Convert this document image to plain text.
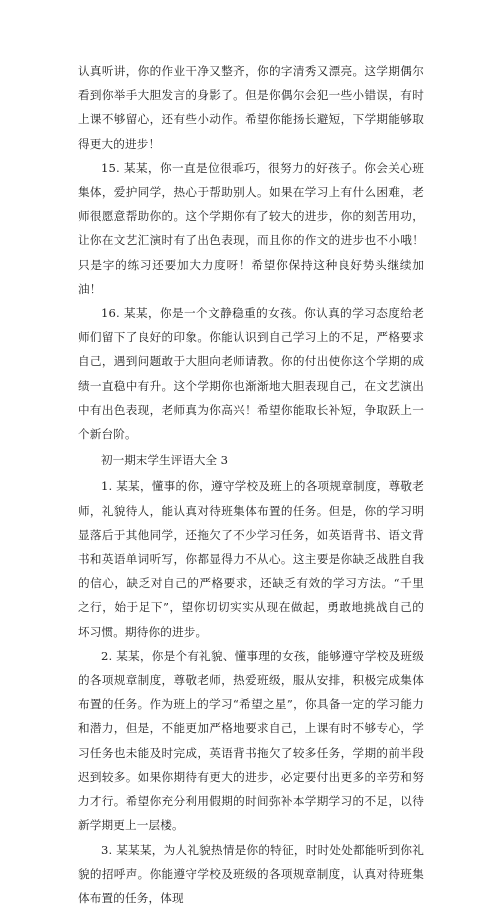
认真听讲，你的作业干净又整齐，你的字清秀又漂亮。这学期偶尔看到你举手大胆发言的身影了。但是你偶尔会犯一些小错误，有时上课不够留心，还有些小动作。希望你能扬长避短，下学期能够取得更大的进步！

15. 某某，你一直是位很乖巧，很努力的好孩子。你会关心班集体，爱护同学，热心于帮助别人。如果在学习上有什么困难，老师很愿意帮助你的。这个学期你有了较大的进步，你的刻苦用功，让你在文艺汇演时有了出色表现，而且你的作文的进步也不小哦！只是字的练习还要加大力度呀！希望你保持这种良好势头继续加油！

16. 某某，你是一个文静稳重的女孩。你认真的学习态度给老师们留下了良好的印象。你能认识到自己学习上的不足，严格要求自己，遇到问题敢于大胆向老师请教。你的付出使你这个学期的成绩一直稳中有升。这个学期你也渐渐地大胆表现自己，在文艺演出中有出色表现，老师真为你高兴！希望你能取长补短，争取跃上一个新台阶。

初一期末学生评语大全 3

1. 某某，懂事的你，遵守学校及班上的各项规章制度，尊敬老师，礼貌待人，能认真对待班集体布置的任务。但是，你的学习明显落后于其他同学，还拖欠了不少学习任务，如英语背书、语文背书和英语单词听写，你都显得力不从心。这主要是你缺乏战胜自我的信心，缺乏对自己的严格要求，还缺乏有效的学习方法。“千里之行，始于足下”，望你切切实实从现在做起，勇敢地挑战自己的坏习惯。期待你的进步。

2. 某某，你是个有礼貌、懂事理的女孩，能够遵守学校及班级的各项规章制度，尊敬老师，热爱班级，服从安排，积极完成集体布置的任务。作为班上的学习“希望之星”，你具备一定的学习能力和潜力，但是，不能更加严格地要求自己，上课有时不够专心，学习任务也未能及时完成，英语背书拖欠了较多任务，学期的前半段迟到较多。如果你期待有更大的进步，必定要付出更多的辛劳和努力才行。希望你充分利用假期的时间弥补本学期学习的不足，以待新学期更上一层楼。

3. 某某某，为人礼貌热情是你的特征，时时处处都能听到你礼貌的招呼声。你能遵守学校及班级的各项规章制度，认真对待班集体布置的任务，体现
